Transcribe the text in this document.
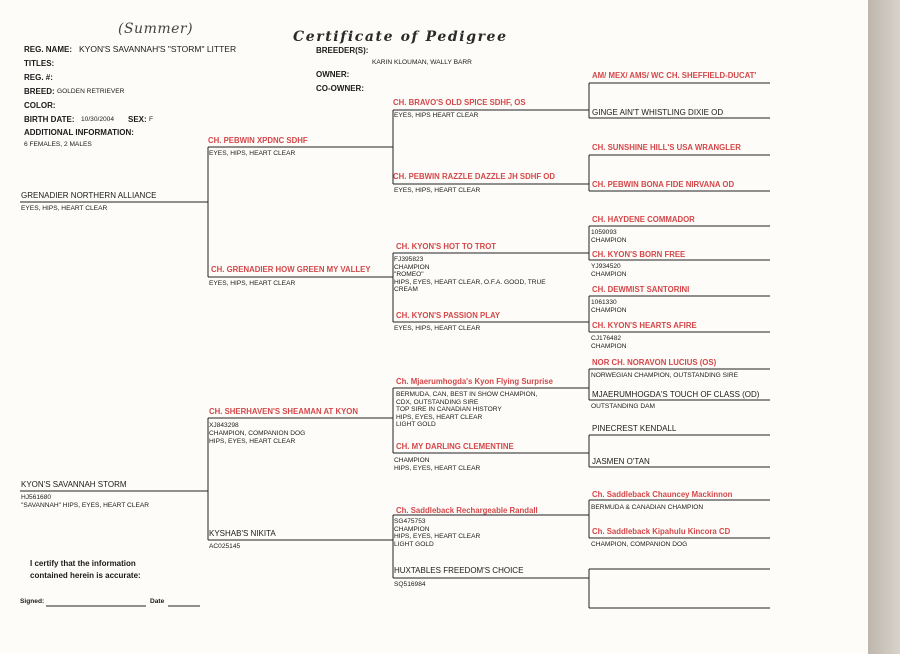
(Summer)	Certificate of Pedigree
REG. NAME: KYON'S SAVANNAH'S "STORM" LITTER
TITLES:
REG. #:
BREED: GOLDEN RETRIEVER
COLOR:
BIRTH DATE: 10/30/2004 SEX: F
ADDITIONAL INFORMATION:
6 FEMALES, 2 MALES
BREEDER(S):
KARIN KLOUMAN, WALLY BARR
OWNER:
CO-OWNER:
I certify that the information
contained herein is accurate:
Signed:	Date
GRENADIER NORTHERN ALLIANCE
EYES, HIPS, HEART CLEAR
KYON'S SAVANNAH STORM
HJ561680
"SAVANNAH" HIPS, EYES, HEART CLEAR
CH. PEBWIN XPDNC SDHF
EYES, HIPS, HEART CLEAR
CH. GRENADIER HOW GREEN MY VALLEY
EYES, HIPS, HEART CLEAR
CH. SHERHAVEN'S SHEAMAN AT KYON
XJ843298
CHAMPION, COMPANION DOG
HIPS, EYES, HEART CLEAR
KYSHAB'S NIKITA
AC025145
CH. BRAVO'S OLD SPICE SDHF, OS
EYES, HIPS HEART CLEAR
CH. PEBWIN RAZZLE DAZZLE JH SDHF OD
EYES, HIPS, HEART CLEAR
CH. KYON'S HOT TO TROT
FJ395823
CHAMPION
"ROMEO"
HIPS, EYES, HEART CLEAR, O.F.A. GOOD, TRUE
CREAM
CH. KYON'S PASSION PLAY
EYES, HIPS, HEART CLEAR
Ch. Mjaerumhogda's Kyon Flying Surprise
BERMUDA, CAN, BEST IN SHOW CHAMPION,
CDX, OUTSTANDING SIRE
TOP SIRE IN CANADIAN HISTORY
HIPS, EYES, HEART CLEAR
LIGHT GOLD
CH. MY DARLING CLEMENTINE
CHAMPION
HIPS, EYES, HEART CLEAR
Ch. Saddleback Rechargeable Randall
SG475753
CHAMPION
HIPS, EYES, HEART CLEAR
LIGHT GOLD
HUXTABLES FREEDOM'S CHOICE
SQ516984
AM/ MEX/ AMS/ WC CH. SHEFFIELD-DUCAT'
GINGE AIN'T WHISTLING DIXIE OD
CH. SUNSHINE HILL'S USA WRANGLER
CH. PEBWIN BONA FIDE NIRVANA OD
CH. HAYDENE COMMADOR
1059093
CHAMPION
CH. KYON'S BORN FREE
YJ934520
CHAMPION
CH. DEWMIST SANTORINI
1061330
CHAMPION
CH. KYON'S HEARTS AFIRE
CJ176482
CHAMPION
NOR CH. NORAVON LUCIUS (OS)
NORWEGIAN CHAMPION, OUTSTANDING SIRE
MJAERUMHOGDA'S TOUCH OF CLASS (OD)
OUTSTANDING DAM
PINECREST KENDALL
JASMEN O'TAN
Ch. Saddleback Chauncey Mackinnon
BERMUDA & CANADIAN CHAMPION
Ch. Saddleback Kipahulu Kincora CD
CHAMPION, COMPANION DOG
